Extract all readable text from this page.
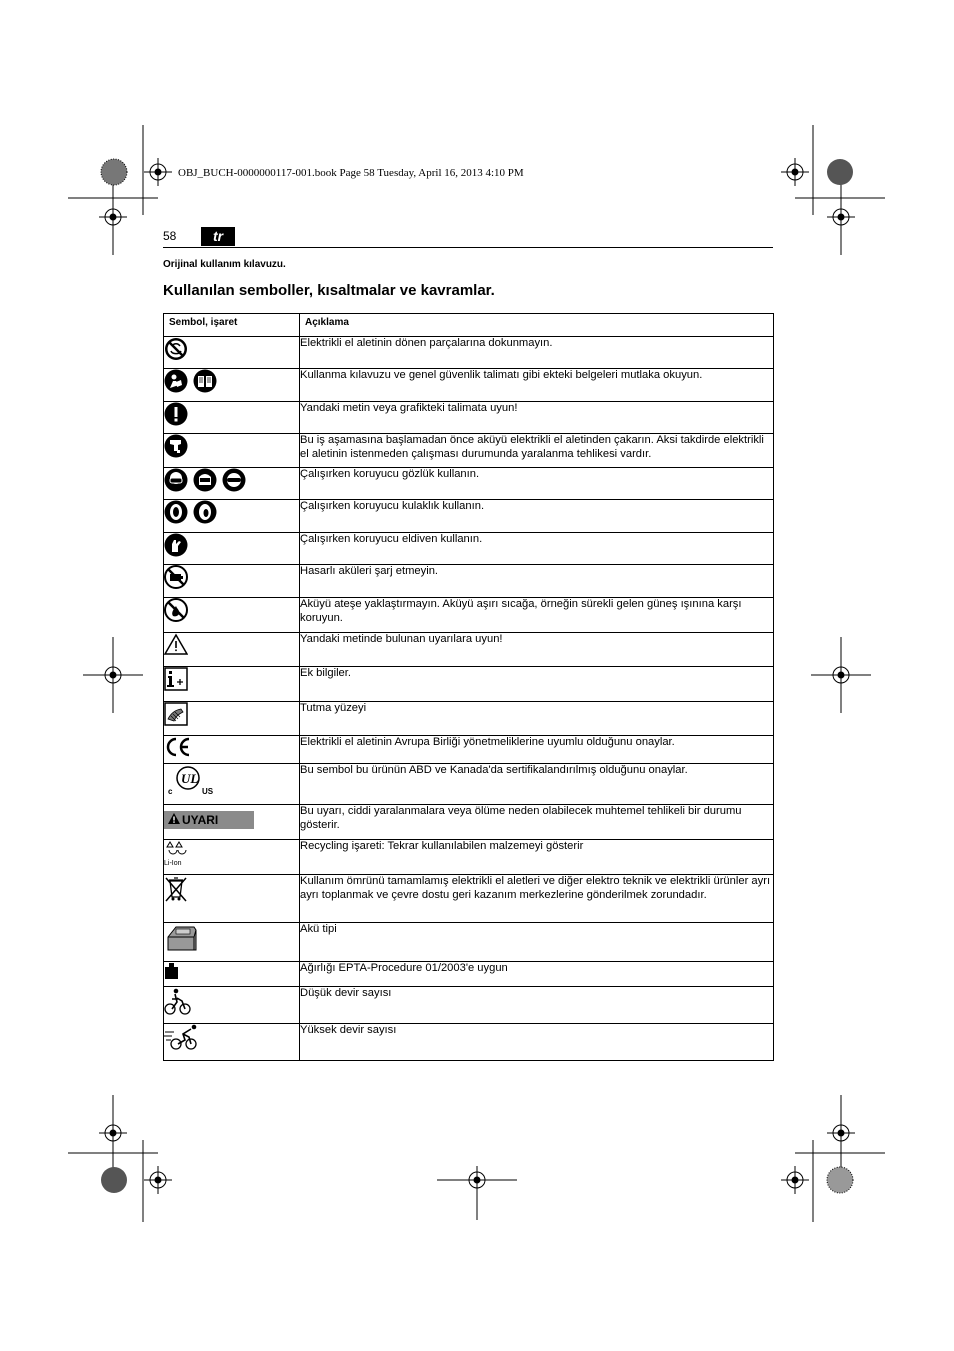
OBJ_BUCH-0000000117-001.book Page 58 Tuesday, April 16, 2013 4:10 PM
58	tr
Orijinal kullanım kılavuzu.
Kullanılan semboller, kısaltmalar ve kavramlar.
Sembol, işaret	Açıklama
	Elektrikli el aletinin dönen parçalarına dokunmayın.
	Kullanma kılavuzu ve genel güvenlik talimatı gibi ekteki belgeleri mutlaka okuyun.
	Yandaki metin veya grafikteki talimata uyun!
	Bu iş aşamasına başlamadan önce aküyü elektrikli el aletinden çakarın. Aksi takdirde elektrikli el aletinin istenmeden çalışması durumunda yaralanma tehlikesi vardır.
	Çalışırken koruyucu gözlük kullanın.
	Çalışırken koruyucu kulaklık kullanın.
	Çalışırken koruyucu eldiven kullanın.
	Hasarlı aküleri şarj etmeyin.
	Aküyü ateşe yaklaştırmayın. Aküyü aşırı sıcağa, örneğin sürekli gelen güneş ışınına karşı koruyun.
	Yandaki metinde bulunan uyarılara uyun!
	Ek bilgiler.
	Tutma yüzeyi
	Elektrikli el aletinin Avrupa Birliği yönetmeliklerine uyumlu olduğunu onaylar.

UL
c US	Bu sembol bu ürünün ABD ve Kanada'da sertifikalandırılmış olduğunu onaylar.
UYARI	Bu uyarı, ciddi yaralanmalara veya ölüme neden olabilecek muhtemel tehlikeli bir durumu gösterir.

Li-Ion	Recycling işareti: Tekrar kullanılabilen malzemeyi gösterir
	Kullanım ömrünü tamamlamış elektrikli el aletleri ve diğer elektro teknik ve elektrikli ürünler ayrı ayrı toplanmak ve çevre dostu geri kazanım merkezlerine gönderilmek zorundadır.
	Akü tipi
	Ağırlığı EPTA-Procedure 01/2003'e uygun
	Düşük devir sayısı
	Yüksek devir sayısı
